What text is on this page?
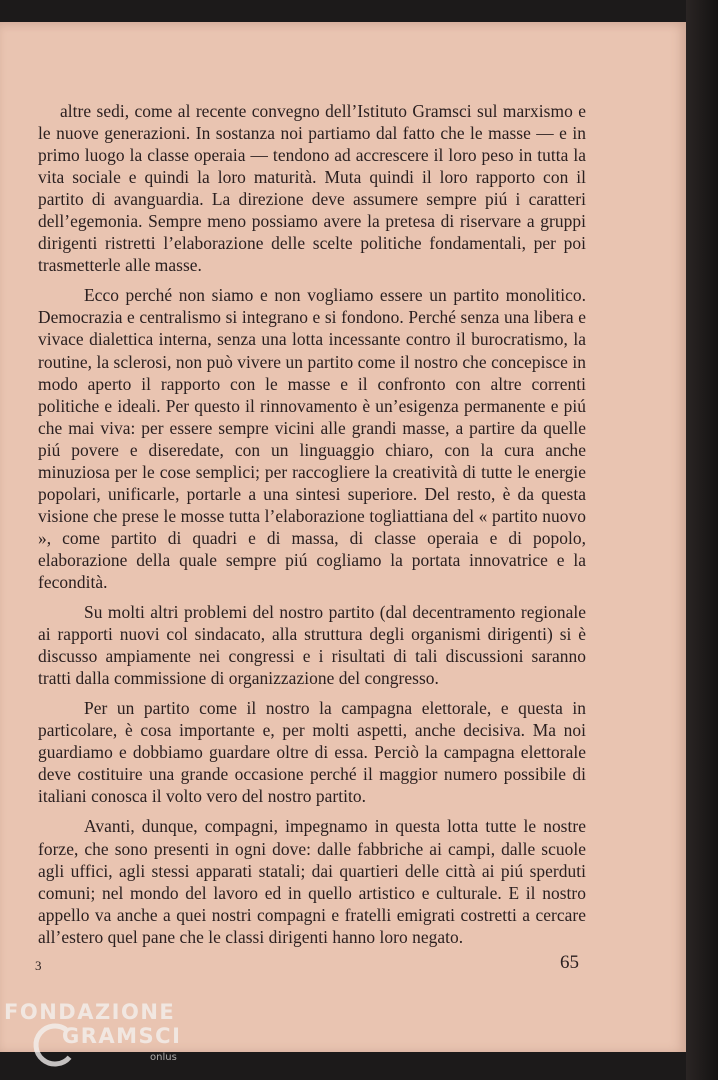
altre sedi, come al recente convegno dell’Istituto Gramsci sul marxismo e le nuove generazioni. In sostanza noi partiamo dal fatto che le masse — e in primo luogo la classe operaia — tendono ad accrescere il loro peso in tutta la vita sociale e quindi la loro maturità. Muta quindi il loro rapporto con il partito di avanguardia. La direzione deve assumere sempre piú i caratteri dell’egemonia. Sempre meno possiamo avere la pretesa di riservare a gruppi dirigenti ristretti l’elaborazione delle scelte politiche fondamentali, per poi trasmetterle alle masse.

Ecco perché non siamo e non vogliamo essere un partito monolitico. Democrazia e centralismo si integrano e si fondono. Perché senza una libera e vivace dialettica interna, senza una lotta incessante contro il burocratismo, la routine, la sclerosi, non può vivere un partito come il nostro che concepisce in modo aperto il rapporto con le masse e il confronto con altre correnti politiche e ideali. Per questo il rinnovamento è un’esigenza permanente e piú che mai viva: per essere sempre vicini alle grandi masse, a partire da quelle piú povere e diseredate, con un linguaggio chiaro, con la cura anche minuziosa per le cose semplici; per raccogliere la creatività di tutte le energie popolari, unificarle, portarle a una sintesi superiore. Del resto, è da questa visione che prese le mosse tutta l’elaborazione togliattiana del « partito nuovo », come partito di quadri e di massa, di classe operaia e di popolo, elaborazione della quale sempre piú cogliamo la portata innovatrice e la fecondità.

Su molti altri problemi del nostro partito (dal decentramento regionale ai rapporti nuovi col sindacato, alla struttura degli organismi dirigenti) si è discusso ampiamente nei congressi e i risultati di tali discussioni saranno tratti dalla commissione di organizzazione del congresso.

Per un partito come il nostro la campagna elettorale, e questa in particolare, è cosa importante e, per molti aspetti, anche decisiva. Ma noi guardiamo e dobbiamo guardare oltre di essa. Perciò la campagna elettorale deve costituire una grande occasione perché il maggior numero possibile di italiani conosca il volto vero del nostro partito.

Avanti, dunque, compagni, impegnamo in questa lotta tutte le nostre forze, che sono presenti in ogni dove: dalle fabbriche ai campi, dalle scuole agli uffici, agli stessi apparati statali; dai quartieri delle città ai piú sperduti comuni; nel mondo del lavoro ed in quello artistico e culturale. E il nostro appello va anche a quei nostri compagni e fratelli emigrati costretti a cercare all’estero quel pane che le classi dirigenti hanno loro negato.

3	65
FONDAZIONE
GRAMSCI
onlus
